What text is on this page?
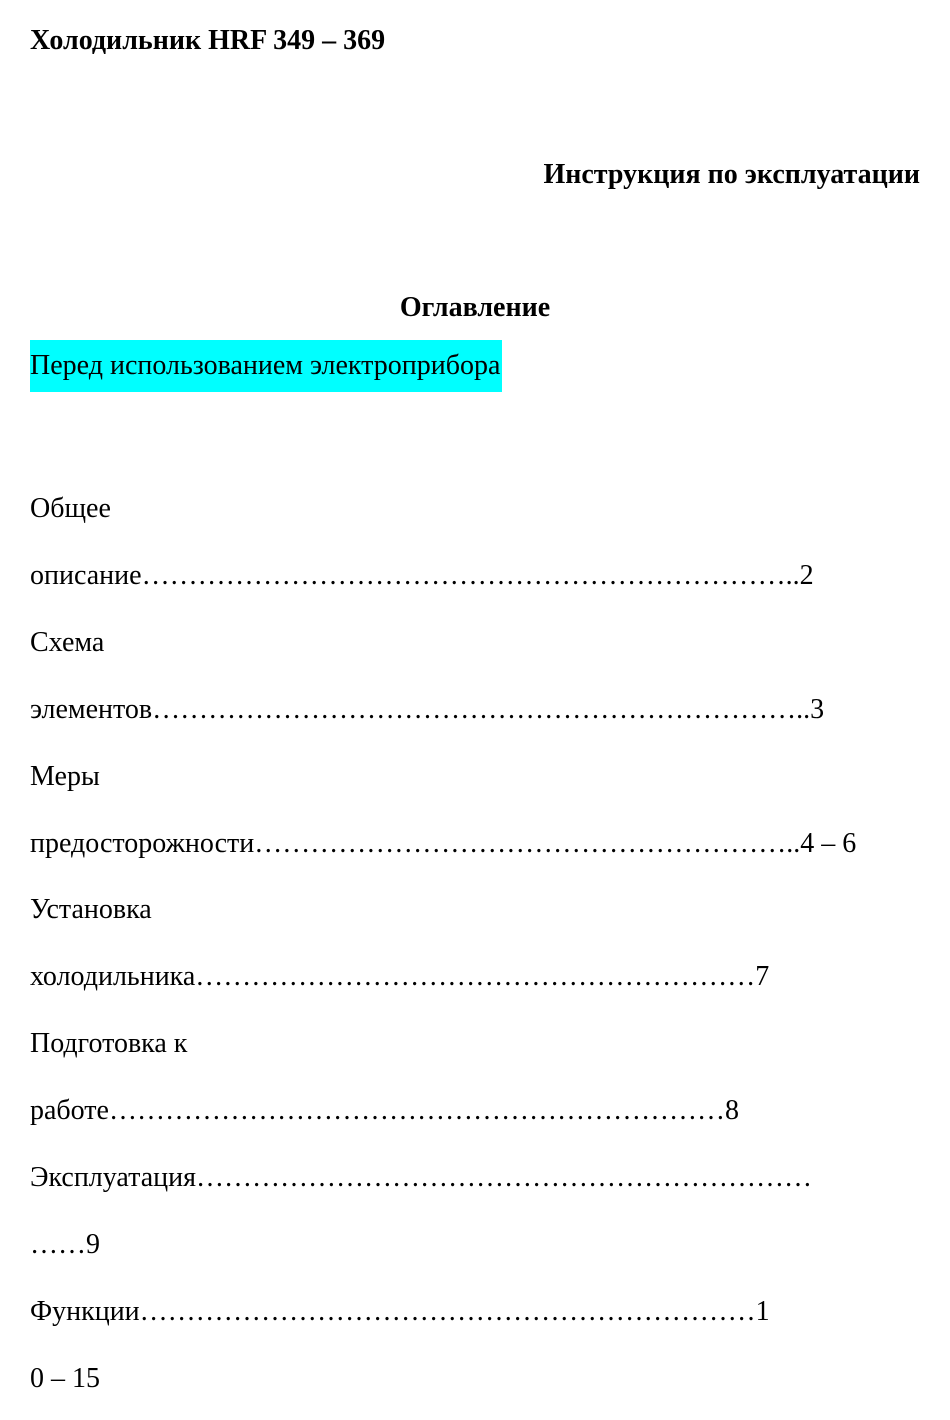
Холодильник HRF 349 – 369
Инструкция по эксплуатации
Оглавление
Перед использованием электроприбора
Общее
описание……………………………………………………………..2
Схема
элементов……………………………………………………………..3
Меры
предосторожности…………………………………………………..4 – 6
Установка
холодильника……………………………………………………7
Подготовка к
работе…………………………………………………………8
Эксплуатация…………………………………………………………
……9
Функции…………………………………………………………1
0 – 15
